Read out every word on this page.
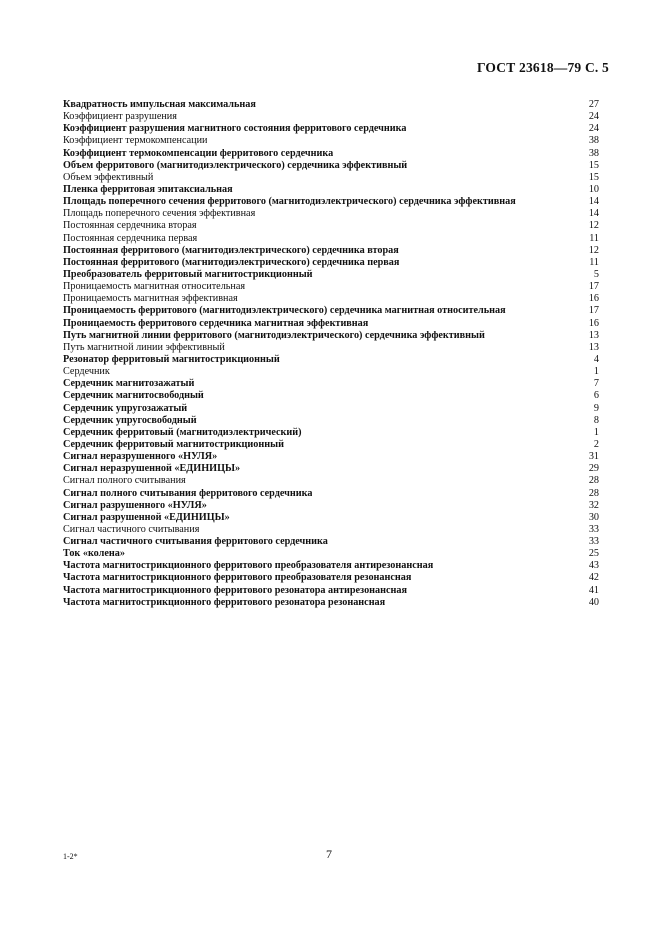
ГОСТ 23618—79 С. 5
Квадратность импульсная максимальная	27
Коэффициент разрушения	24
Коэффициент разрушения магнитного состояния ферритового сердечника	24
Коэффициент термокомпенсации	38
Коэффициент термокомпенсации ферритового сердечника	38
Объем ферритового (магнитодиэлектрического) сердечника эффективный	15
Объем эффективный	15
Пленка ферритовая эпитаксиальная	10
Площадь поперечного сечения ферритового (магнитодиэлектрического) сердечника эффективная	14
Площадь поперечного сечения эффективная	14
Постоянная сердечника вторая	12
Постоянная сердечника первая	11
Постоянная ферритового (магнитодиэлектрического) сердечника вторая	12
Постоянная ферритового (магнитодиэлектрического) сердечника первая	11
Преобразователь ферритовый магнитострикционный	5
Проницаемость магнитная относительная	17
Проницаемость магнитная эффективная	16
Проницаемость ферритового (магнитодиэлектрического) сердечника магнитная относительная	17
Проницаемость ферритового сердечника магнитная эффективная	16
Путь магнитной линии ферритового (магнитодиэлектрического) сердечника эффективный	13
Путь магнитной линии эффективный	13
Резонатор ферритовый магнитострикционный	4
Сердечник	1
Сердечник магнитозажатый	7
Сердечник магнитосвободный	6
Сердечник упругозажатый	9
Сердечник упругосвободный	8
Сердечник ферритовый (магнитодиэлектрический)	1
Сердечник ферритовый магнитострикционный	2
Сигнал неразрушенного «НУЛЯ»	31
Сигнал неразрушенной «ЕДИНИЦЫ»	29
Сигнал полного считывания	28
Сигнал полного считывания ферритового сердечника	28
Сигнал разрушенного «НУЛЯ»	32
Сигнал разрушенной «ЕДИНИЦЫ»	30
Сигнал частичного считывания	33
Сигнал частичного считывания ферритового сердечника	33
Ток «колена»	25
Частота магнитострикционного ферритового преобразователя антирезонансная	43
Частота магнитострикционного ферритового преобразователя резонансная	42
Частота магнитострикционного ферритового резонатора антирезонансная	41
Частота магнитострикционного ферритового резонатора резонансная	40
1-2*	7
